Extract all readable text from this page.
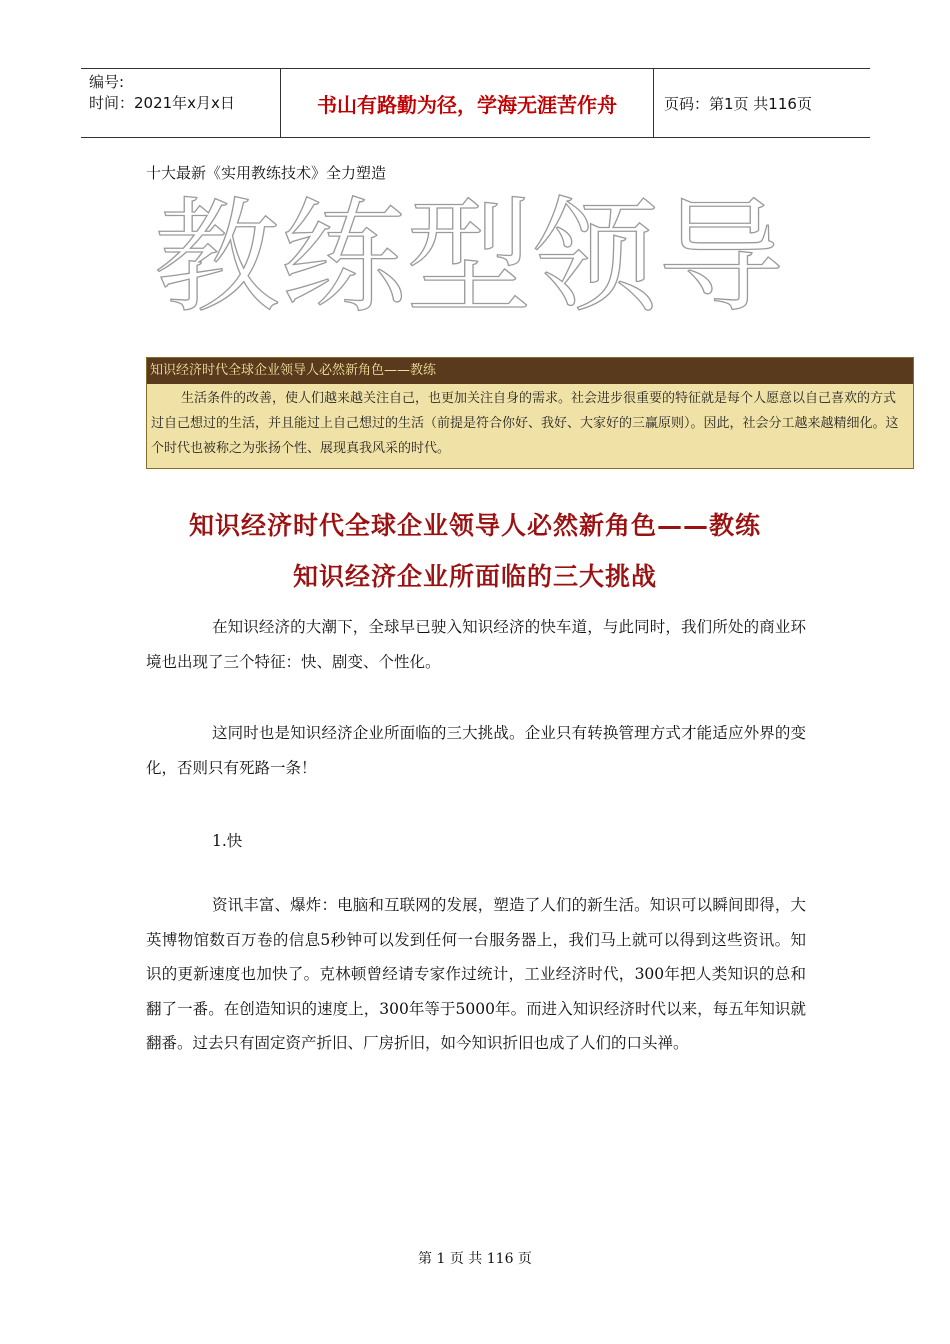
编号:
时间：2021年x月x日	书山有路勤为径，学海无涯苦作舟	页码：第1页 共116页
十大最新《实用教练技术》全力塑造
教练型领导
知识经济时代全球企业领导人必然新角色——教练
生活条件的改善，使人们越来越关注自己，也更加关注自身的需求。社会进步很重要的特征就是每个人愿意以自己喜欢的方式过自己想过的生活，并且能过上自己想过的生活（前提是符合你好、我好、大家好的三赢原则）。因此，社会分工越来越精细化。这个时代也被称之为张扬个性、展现真我风采的时代。
知识经济时代全球企业领导人必然新角色——教练
知识经济企业所面临的三大挑战
在知识经济的大潮下，全球早已驶入知识经济的快车道，与此同时，我们所处的商业环境也出现了三个特征：快、剧变、个性化。
这同时也是知识经济企业所面临的三大挑战。企业只有转换管理方式才能适应外界的变化，否则只有死路一条！
1.快
资讯丰富、爆炸：电脑和互联网的发展，塑造了人们的新生活。知识可以瞬间即得，大英博物馆数百万卷的信息5秒钟可以发到任何一台服务器上，我们马上就可以得到这些资讯。知识的更新速度也加快了。克林顿曾经请专家作过统计，工业经济时代，300年把人类知识的总和翻了一番。在创造知识的速度上，300年等于5000年。而进入知识经济时代以来，每五年知识就翻番。过去只有固定资产折旧、厂房折旧，如今知识折旧也成了人们的口头禅。
第 1 页 共 116 页
